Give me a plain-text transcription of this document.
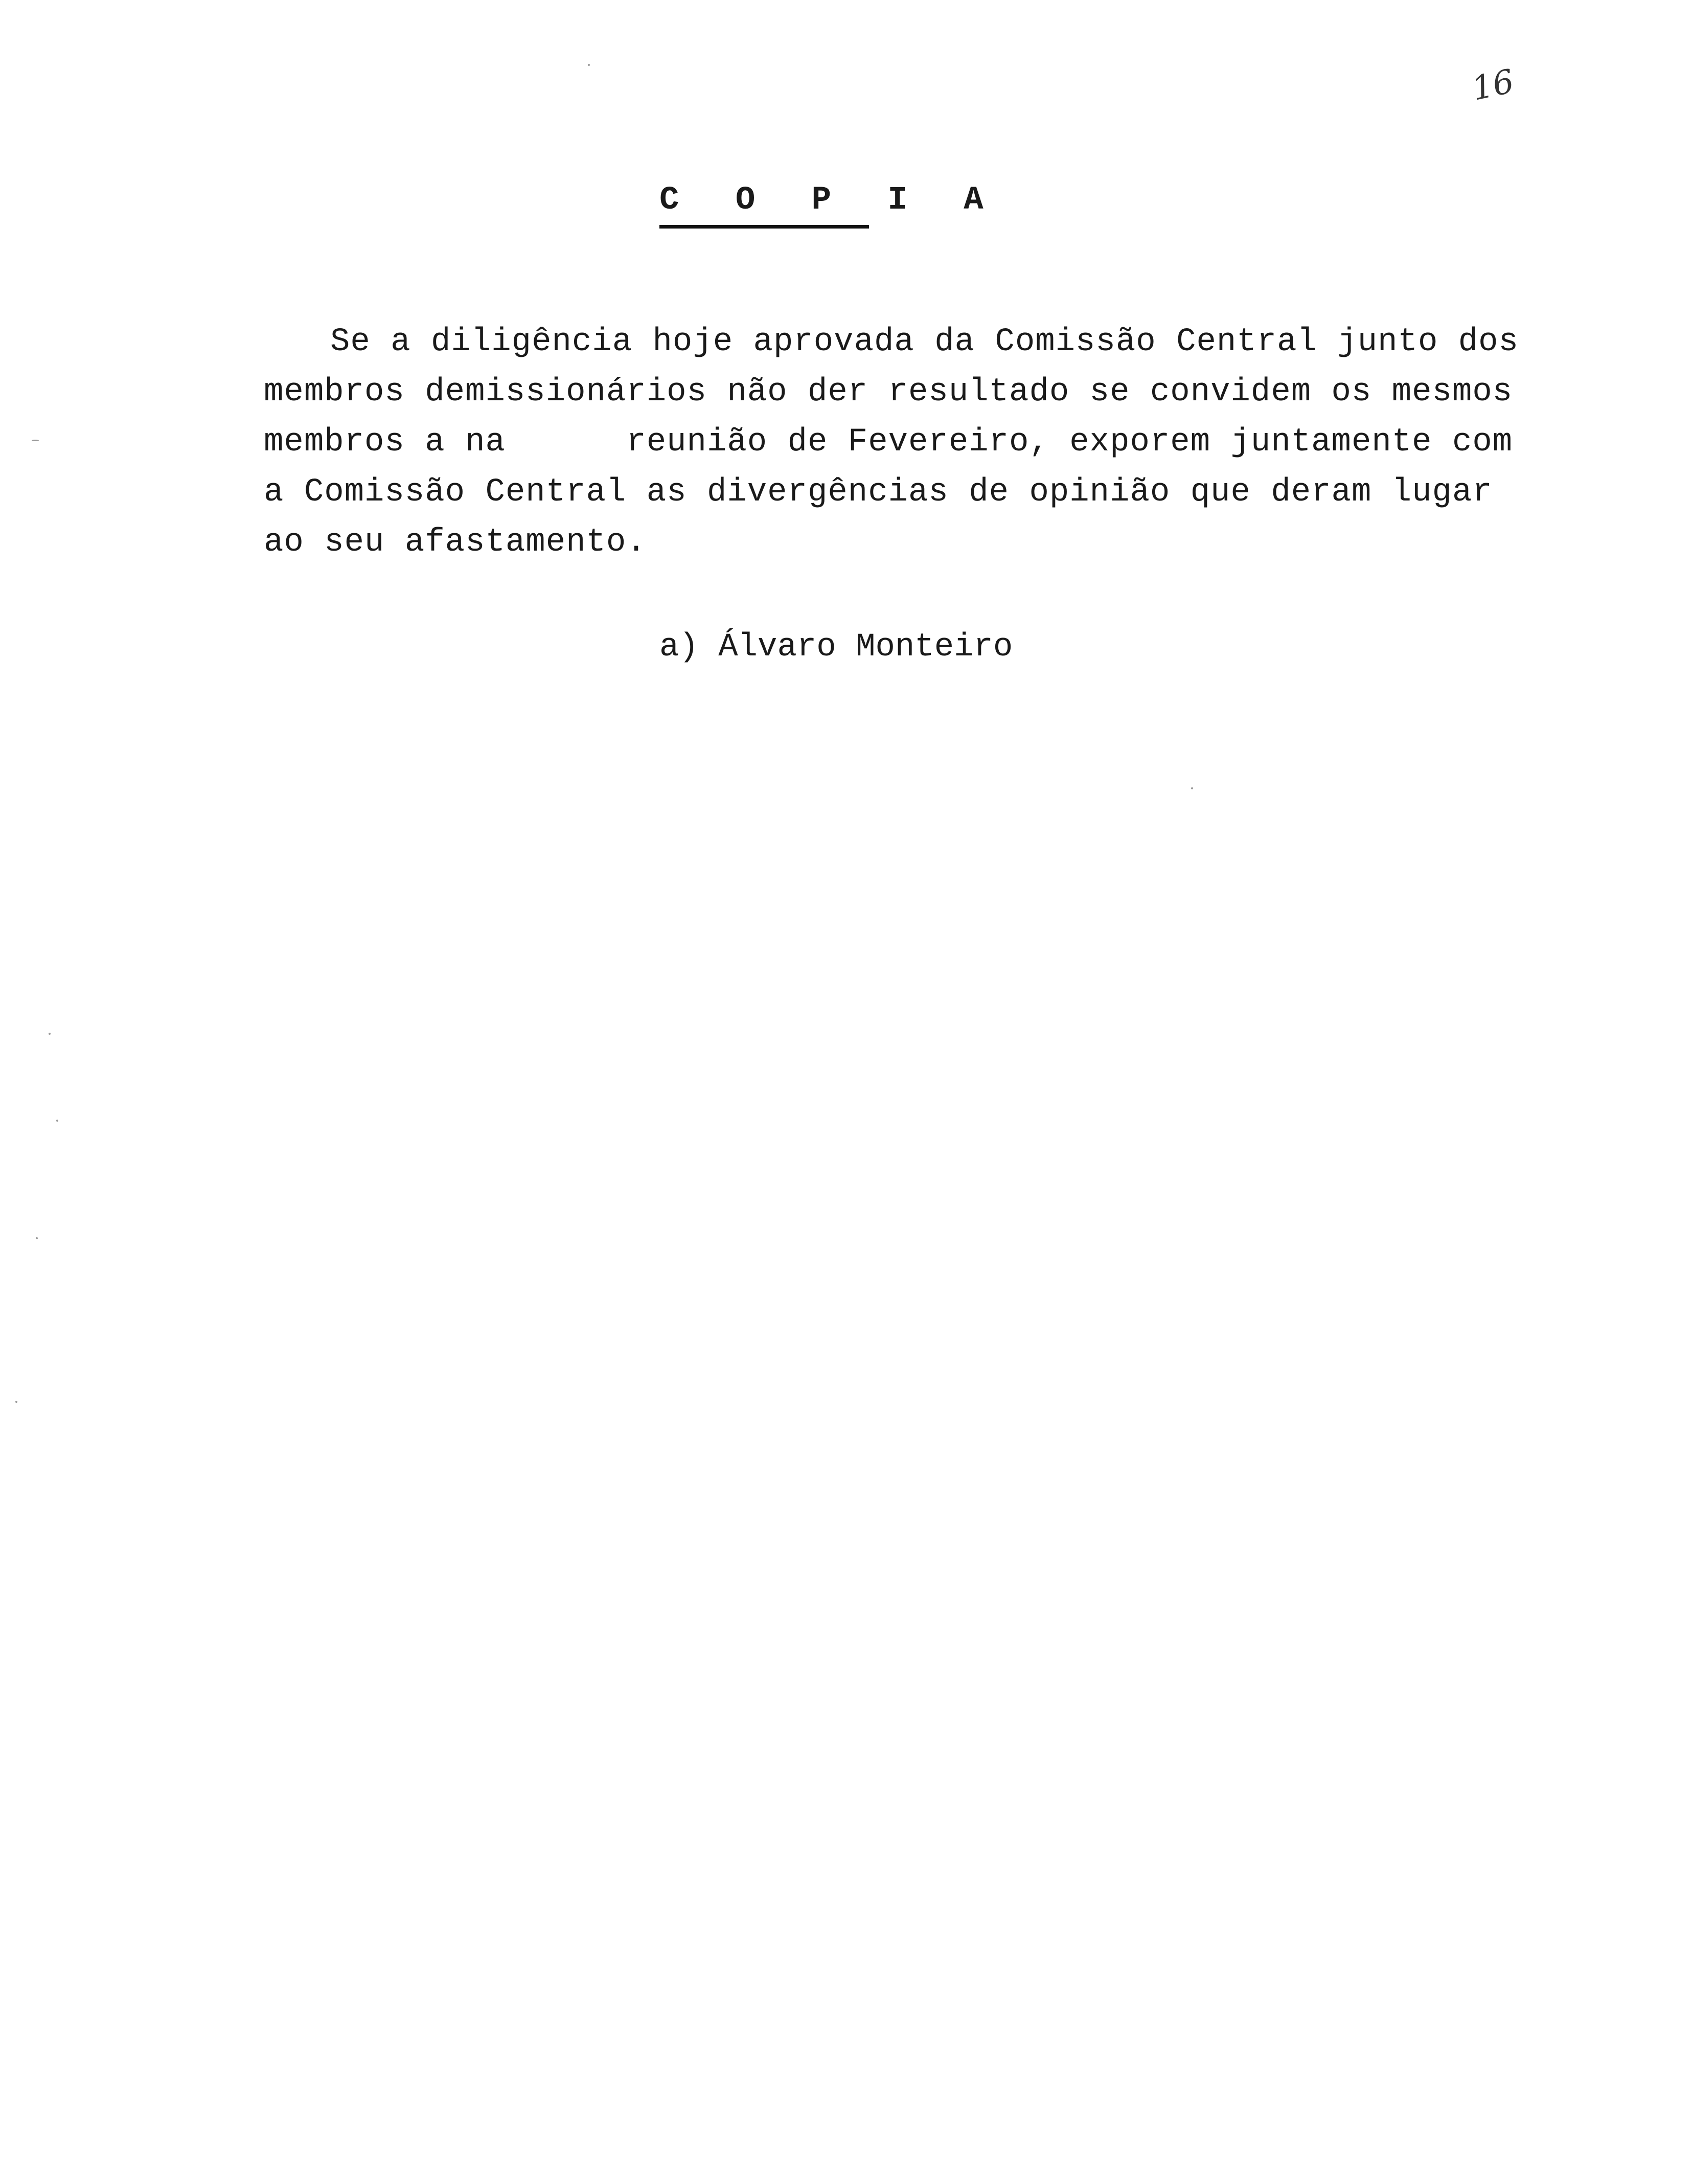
16
C O P I A
Se a diligência hoje aprovada da Comissão Central junto dos
membros demissionários não der resultado se convidem os mesmos
membros a na      reunião de Fevereiro, exporem juntamente com
a Comissão Central as divergências de opinião que deram lugar
ao seu afastamento.
a) Álvaro Monteiro
